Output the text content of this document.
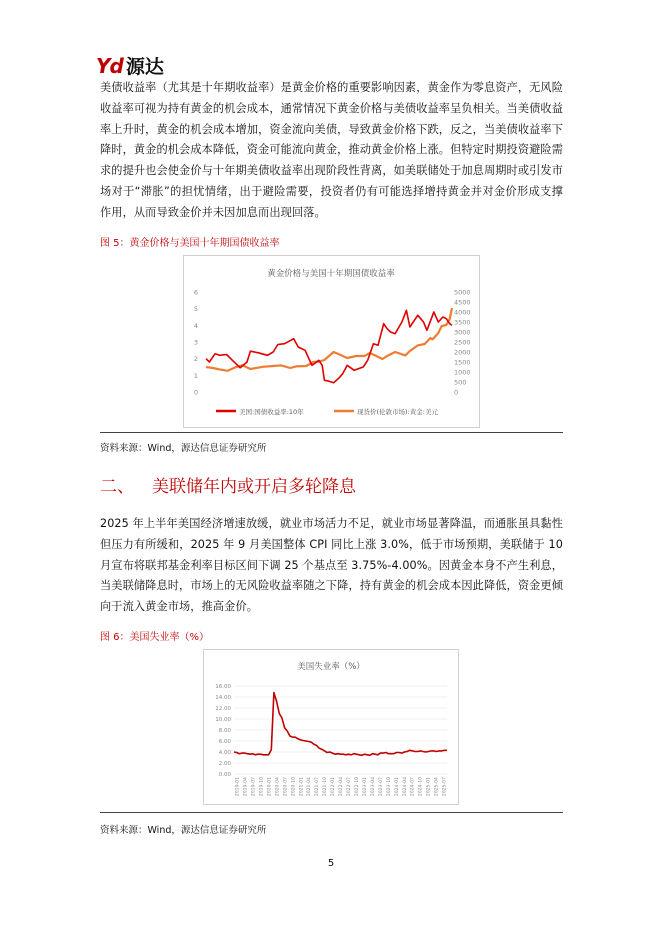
Yd 源达
美债收益率（尤其是十年期收益率）是黄金价格的重要影响因素，黄金作为零息资产，无风险收益率可视为持有黄金的机会成本，通常情况下黄金价格与美债收益率呈负相关。当美债收益率上升时，黄金的机会成本增加，资金流向美债，导致黄金价格下跌，反之，当美债收益率下降时，黄金的机会成本降低，资金可能流向黄金，推动黄金价格上涨。但特定时期投资避险需求的提升也会使金价与十年期美债收益率出现阶段性背离，如美联储处于加息周期时或引发市场对于“滞胀”的担忧情绪，出于避险需要，投资者仍有可能选择增持黄金并对金价形成支撑作用，从而导致金价并未因加息而出现回落。
图 5：黄金价格与美国十年期国债收益率
黄金价格与美国十年期国债收益率
0
1
2
3
4
5
6
0
500
1000
1500
2000
2500
3000
3500
4000
4500
5000
美国:国债收益率:10年	现货价(伦敦市场):黄金:美元
资料来源：Wind，源达信息证券研究所
二、 美联储年内或开启多轮降息
2025 年上半年美国经济增速放缓，就业市场活力不足，就业市场显著降温，而通胀虽具黏性但压力有所缓和，2025 年 9 月美国整体 CPI 同比上涨 3.0%，低于市场预期，美联储于 10 月宣布将联邦基金利率目标区间下调 25 个基点至 3.75%-4.00%。因黄金本身不产生利息，当美联储降息时，市场上的无风险收益率随之下降，持有黄金的机会成本因此降低，资金更倾向于流入黄金市场，推高金价。
图 6：美国失业率（%）
美国失业率（%）
0.00
2.00
4.00
6.00
8.00
10.00
12.00
14.00
16.00
2019-01 2019-04 2019-07 2019-10 2020-01 2020-04 2020-07 2020-10 2021-01 2021-04 2021-07 2021-10 2022-01 2022-04 2022-07 2022-10 2023-01 2023-04 2023-07 2023-10 2024-01 2024-04 2024-07 2024-10 2025-01 2025-04 2025-07
资料来源：Wind，源达信息证券研究所
5
